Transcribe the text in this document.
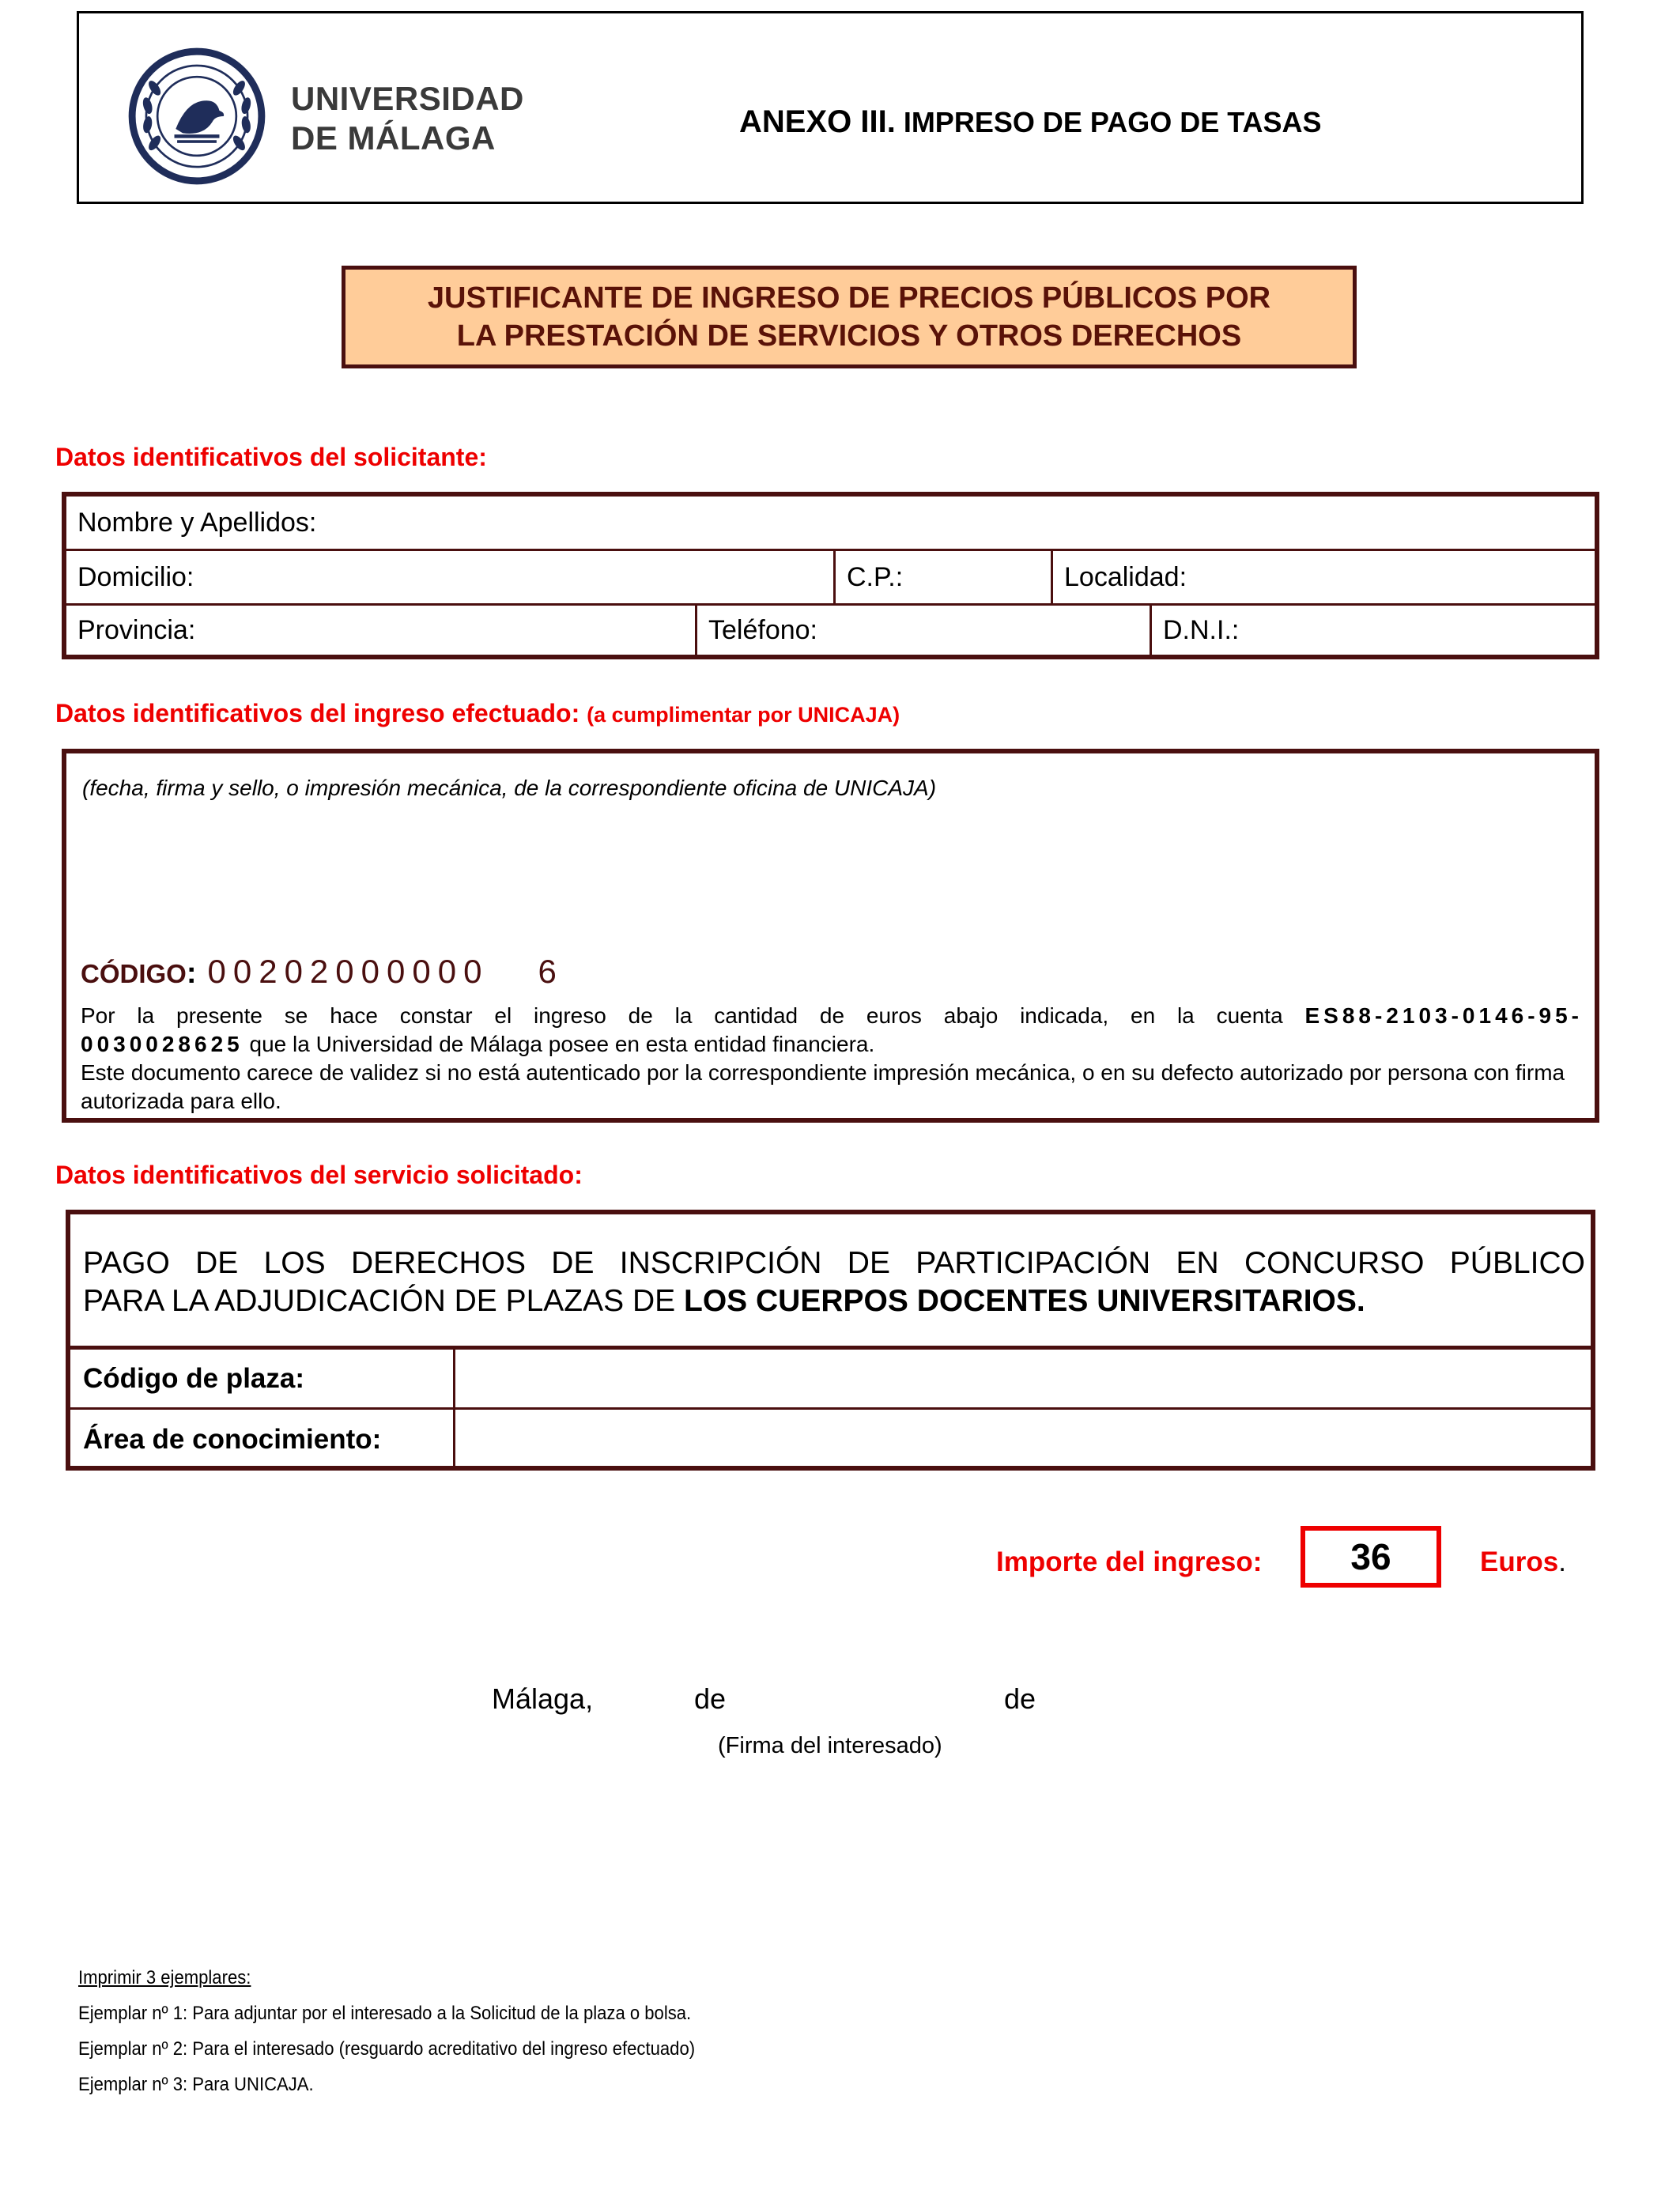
UNIVERSIDAD
DE MÁLAGA	ANEXO III. IMPRESO DE PAGO DE TASAS
JUSTIFICANTE DE INGRESO DE PRECIOS PÚBLICOS POR
LA PRESTACIÓN DE SERVICIOS Y OTROS DERECHOS
Datos identificativos del solicitante:
Nombre y Apellidos:
Domicilio:	C.P.:	Localidad:
Provincia:	Teléfono:	D.N.I.:
Datos identificativos del ingreso efectuado: (a cumplimentar por UNICAJA)
(fecha, firma y sello, o impresión mecánica, de la correspondiente oficina de UNICAJA)
CÓDIGO: 00202000000 6
Por la presente se hace constar el ingreso de la cantidad de euros abajo indicada, en la cuenta ES88-2103-0146-95-
0030028625 que la Universidad de Málaga posee en esta entidad financiera.
Este documento carece de validez si no está autenticado por la correspondiente impresión mecánica, o en su defecto autorizado por persona con firma autorizada para ello.
Datos identificativos del servicio solicitado:
PAGO DE LOS DERECHOS DE INSCRIPCIÓN DE PARTICIPACIÓN EN CONCURSO PÚBLICO
PARA LA ADJUDICACIÓN DE PLAZAS DE LOS CUERPOS DOCENTES UNIVERSITARIOS.
Código de plaza:
Área de conocimiento:
Importe del ingreso:	36	Euros.
Málaga,	de	de
(Firma del interesado)
Imprimir 3 ejemplares:
Ejemplar nº 1: Para adjuntar por el interesado a la Solicitud de la plaza o bolsa.
Ejemplar nº 2: Para el interesado (resguardo acreditativo del ingreso efectuado)
Ejemplar nº 3: Para UNICAJA.
